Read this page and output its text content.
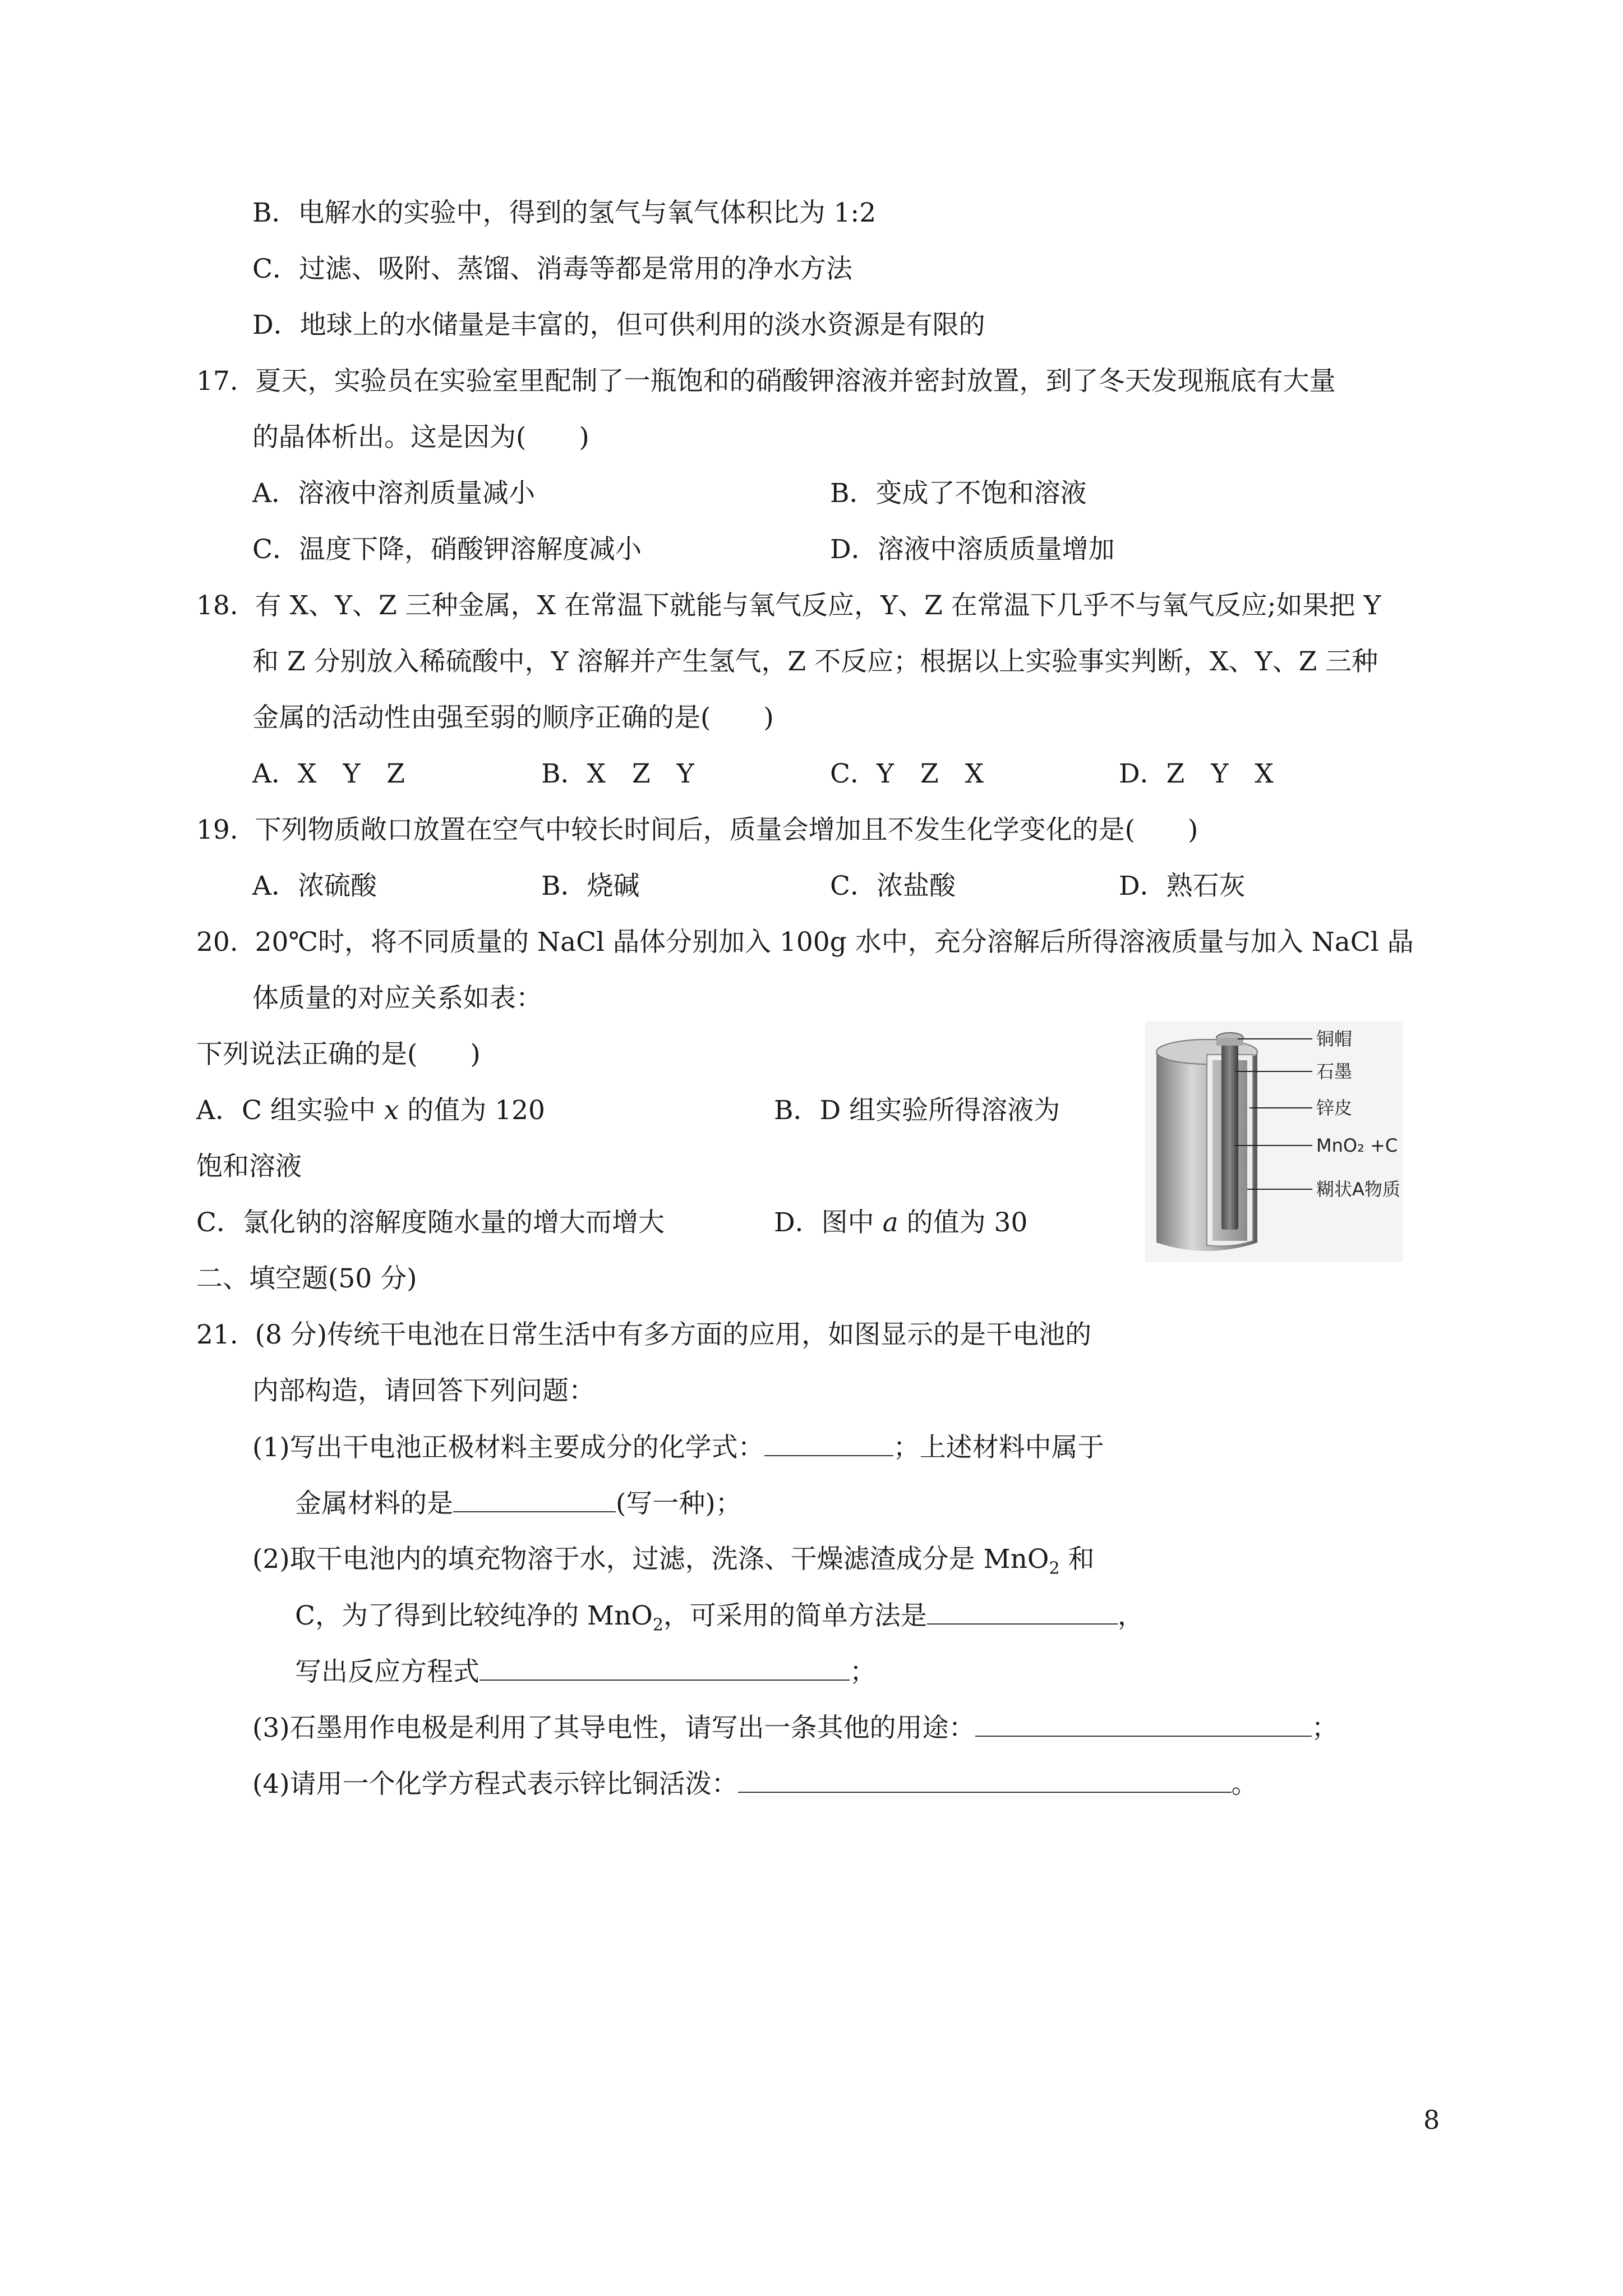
B．电解水的实验中，得到的氢气与氧气体积比为 1:2
C．过滤、吸附、蒸馏、消毒等都是常用的净水方法
D．地球上的水储量是丰富的，但可供利用的淡水资源是有限的
17.  夏天，实验员在实验室里配制了一瓶饱和的硝酸钾溶液并密封放置，到了冬天发现瓶底有大量
的晶体析出。这是因为(　　)
A．溶液中溶剂质量减小	B．变成了不饱和溶液
C．温度下降，硝酸钾溶解度减小	D．溶液中溶质质量增加
18.  有 X、Y、Z 三种金属，X 在常温下就能与氧气反应，Y、Z 在常温下几乎不与氧气反应;如果把 Y
和 Z 分别放入稀硫酸中，Y 溶解并产生氢气，Z 不反应；根据以上实验事实判断，X、Y、Z 三种
金属的活动性由强至弱的顺序正确的是(　　)
A．X　Y　Z	B．X　Z　Y	C．Y　Z　X	D．Z　Y　X
19.  下列物质敞口放置在空气中较长时间后，质量会增加且不发生化学变化的是(　　)
A．浓硫酸	B．烧碱	C．浓盐酸	D．熟石灰
20.  20℃时，将不同质量的 NaCl 晶体分别加入 100g 水中，充分溶解后所得溶液质量与加入 NaCl 晶
体质量的对应关系如表：
下列说法正确的是(　　)
A．C 组实验中 x 的值为 120	B．D 组实验所得溶液为
饱和溶液
C．氯化钠的溶解度随水量的增大而增大	D．图中 a 的值为 30
铜帽
石墨
锌皮
MnO₂ +C
糊状A物质
二、填空题(50 分)
21.  (8 分)传统干电池在日常生活中有多方面的应用，如图显示的是干电池的
内部构造，请回答下列问题：
(1)写出干电池正极材料主要成分的化学式：	；上述材料中属于
金属材料的是	(写一种)；
(2)取干电池内的填充物溶于水，过滤，洗涤、干燥滤渣成分是 MnO$_2$ 和
C，为了得到比较纯净的 MnO$_2$，可采用的简单方法是	，
写出反应方程式	；
(3)石墨用作电极是利用了其导电性，请写出一条其他的用途：	；
(4)请用一个化学方程式表示锌比铜活泼：	。
8
